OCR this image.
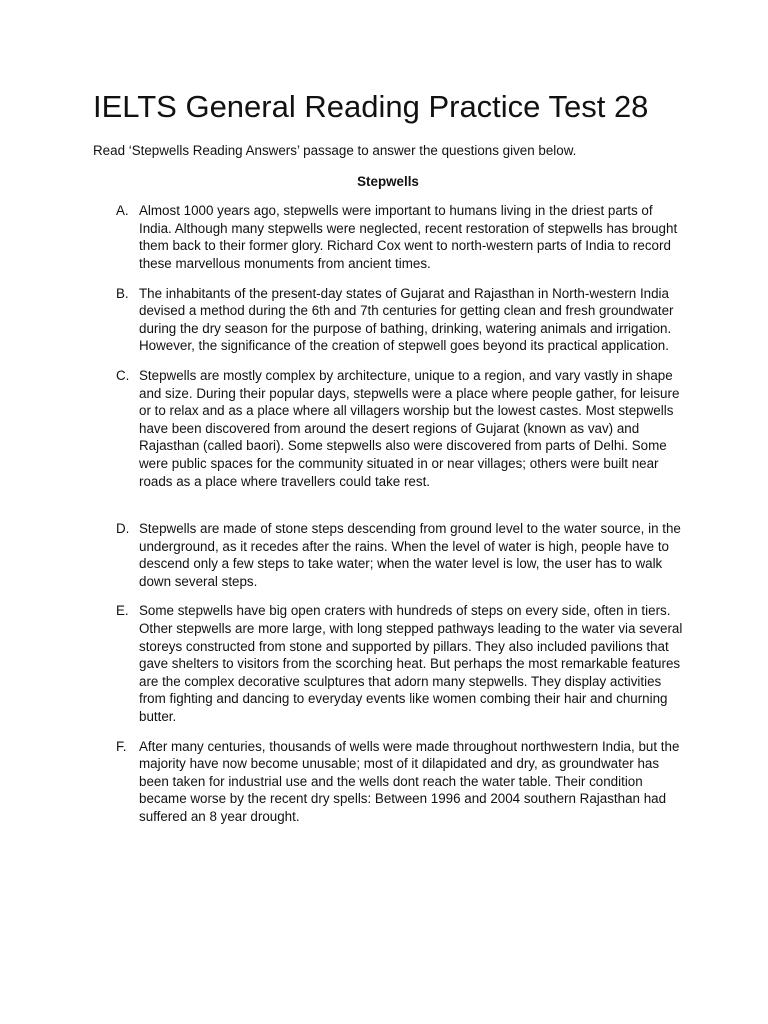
IELTS General Reading Practice Test 28

Read ‘Stepwells Reading Answers’ passage to answer the questions given below.

Stepwells

A. Almost 1000 years ago, stepwells were important to humans living in the driest parts of India. Although many stepwells were neglected, recent restoration of stepwells has brought them back to their former glory. Richard Cox went to north-western parts of India to record these marvellous monuments from ancient times.
B. The inhabitants of the present-day states of Gujarat and Rajasthan in North-western India devised a method during the 6th and 7th centuries for getting clean and fresh groundwater during the dry season for the purpose of bathing, drinking, watering animals and irrigation. However, the significance of the creation of stepwell goes beyond its practical application.
C. Stepwells are mostly complex by architecture, unique to a region, and vary vastly in shape and size. During their popular days, stepwells were a place where people gather, for leisure or to relax and as a place where all villagers worship but the lowest castes. Most stepwells have been discovered from around the desert regions of Gujarat (known as vav) and Rajasthan (called baori). Some stepwells also were discovered from parts of Delhi. Some were public spaces for the community situated in or near villages; others were built near roads as a place where travellers could take rest.
D. Stepwells are made of stone steps descending from ground level to the water source, in the underground, as it recedes after the rains. When the level of water is high, people have to descend only a few steps to take water; when the water level is low, the user has to walk down several steps.
E. Some stepwells have big open craters with hundreds of steps on every side, often in tiers. Other stepwells are more large, with long stepped pathways leading to the water via several storeys constructed from stone and supported by pillars. They also included pavilions that gave shelters to visitors from the scorching heat. But perhaps the most remarkable features are the complex decorative sculptures that adorn many stepwells. They display activities from fighting and dancing to everyday events like women combing their hair and churning butter.
F. After many centuries, thousands of wells were made throughout northwestern India, but the majority have now become unusable; most of it dilapidated and dry, as groundwater has been taken for industrial use and the wells dont reach the water table. Their condition became worse by the recent dry spells: Between 1996 and 2004 southern Rajasthan had suffered an 8 year drought.
